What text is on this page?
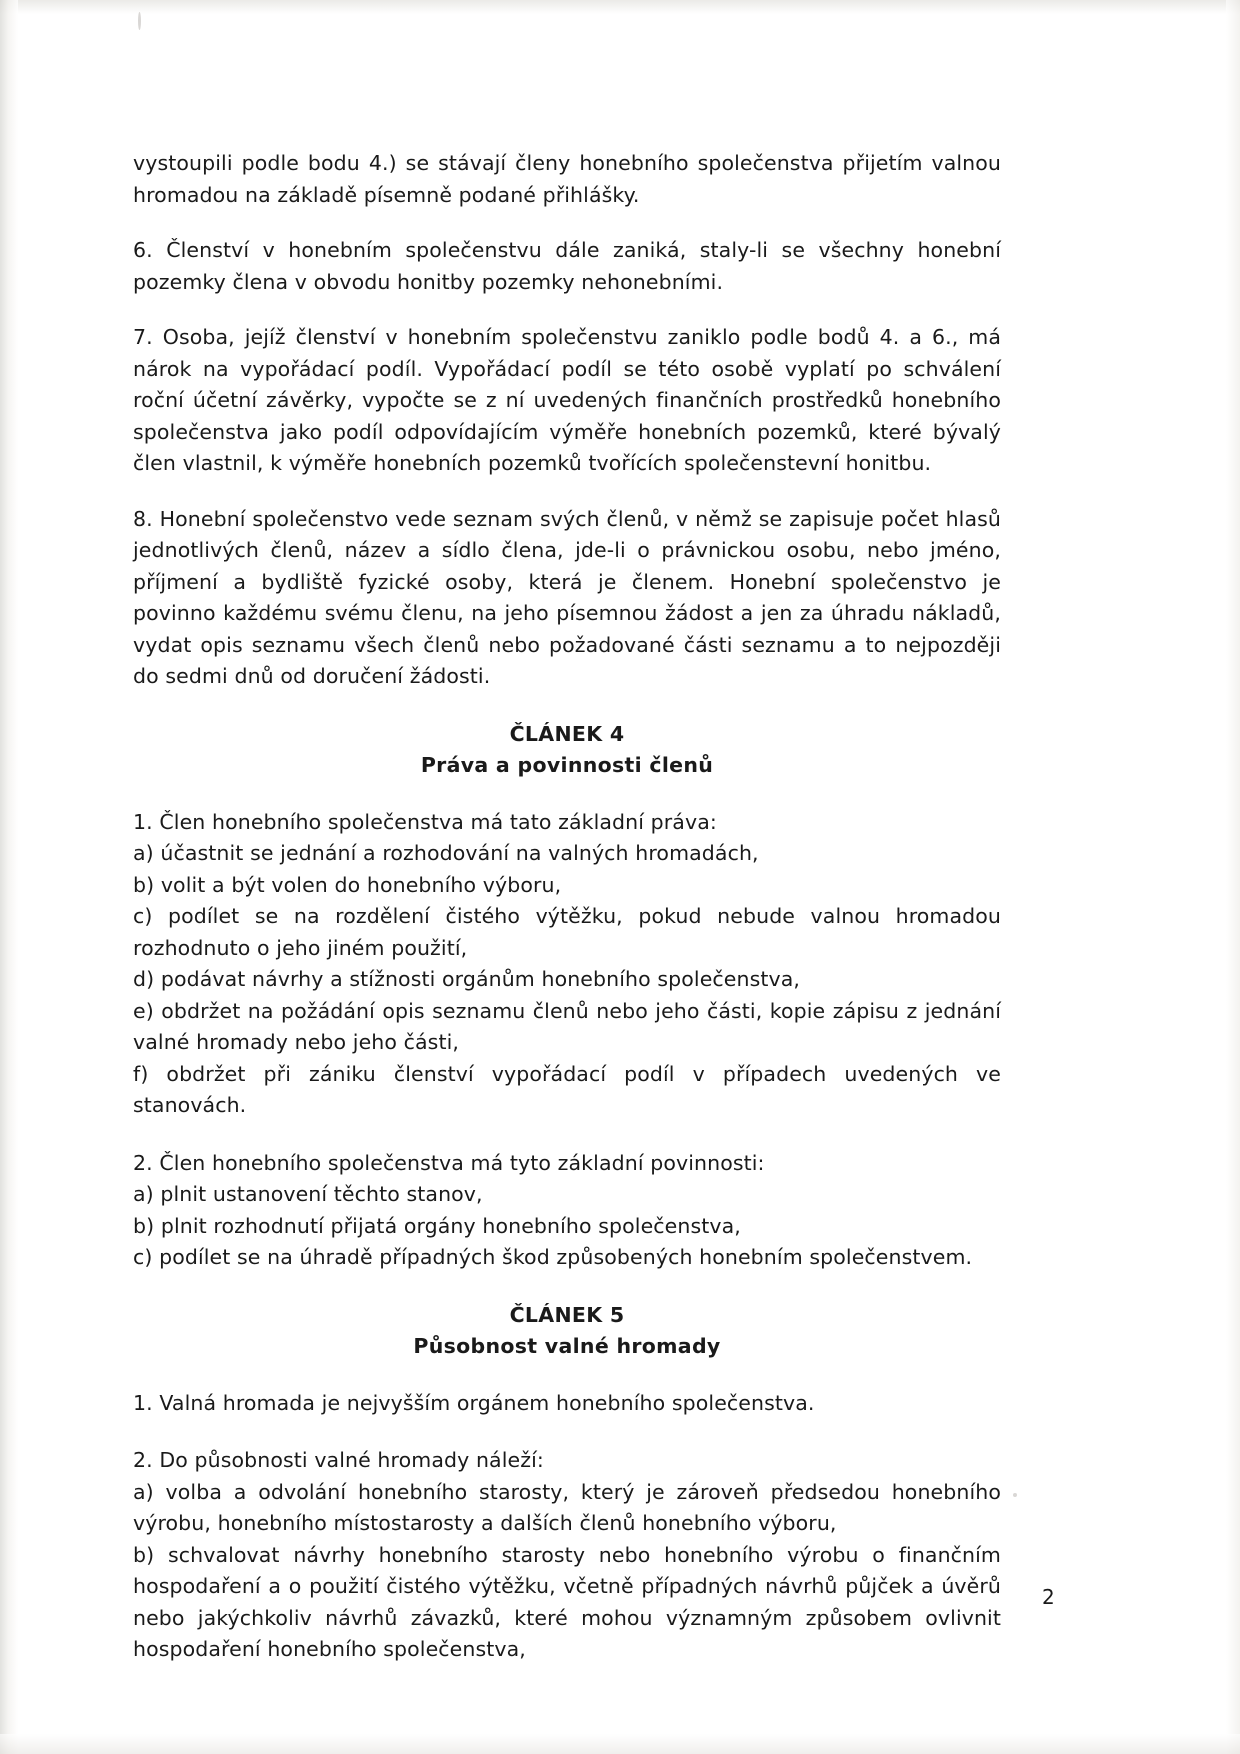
vystoupili podle bodu 4.) se stávají členy honebního společenstva přijetím valnou hromadou na základě písemně podané přihlášky.

6. Členství v honebním společenstvu dále zaniká, staly-li se všechny honební pozemky člena v obvodu honitby pozemky nehonebními.

7. Osoba, jejíž členství v honebním společenstvu zaniklo podle bodů 4. a 6., má nárok na vypořádací podíl. Vypořádací podíl se této osobě vyplatí po schválení roční účetní závěrky, vypočte se z ní uvedených finančních prostředků honebního společenstva jako podíl odpovídajícím výměře honebních pozemků, které bývalý člen vlastnil, k výměře honebních pozemků tvořících společenstevní honitbu.

8. Honební společenstvo vede seznam svých členů, v němž se zapisuje počet hlasů jednotlivých členů, název a sídlo člena, jde-li o právnickou osobu, nebo jméno, příjmení a bydliště fyzické osoby, která je členem. Honební společenstvo je povinno každému svému členu, na jeho písemnou žádost a jen za úhradu nákladů, vydat opis seznamu všech členů nebo požadované části seznamu a to nejpozději do sedmi dnů od doručení žádosti.

ČLÁNEK 4

Práva a povinnosti členů

1. Člen honebního společenstva má tato základní práva:

a) účastnit se jednání a rozhodování na valných hromadách,

b) volit a být volen do honebního výboru,

c) podílet se na rozdělení čistého výtěžku, pokud nebude valnou hromadou rozhodnuto o jeho jiném použití,

d) podávat návrhy a stížnosti orgánům honebního společenstva,

e) obdržet na požádání opis seznamu členů nebo jeho části, kopie zápisu z jednání valné hromady nebo jeho části,

f) obdržet při zániku členství vypořádací podíl v případech uvedených ve stanovách.

2. Člen honebního společenstva má tyto základní povinnosti:

a) plnit ustanovení těchto stanov,

b) plnit rozhodnutí přijatá orgány honebního společenstva,

c) podílet se na úhradě případných škod způsobených honebním společenstvem.

ČLÁNEK 5

Působnost valné hromady

1. Valná hromada je nejvyšším orgánem honebního společenstva.

2. Do působnosti valné hromady náleží:

a) volba a odvolání honebního starosty, který je zároveň předsedou honebního výrobu, honebního místostarosty a dalších členů honebního výboru,

b) schvalovat návrhy honebního starosty nebo honebního výrobu o finančním hospodaření a o použití čistého výtěžku, včetně případných návrhů půjček a úvěrů nebo jakýchkoliv návrhů závazků, které mohou významným způsobem ovlivnit hospodaření honebního společenstva,

2
